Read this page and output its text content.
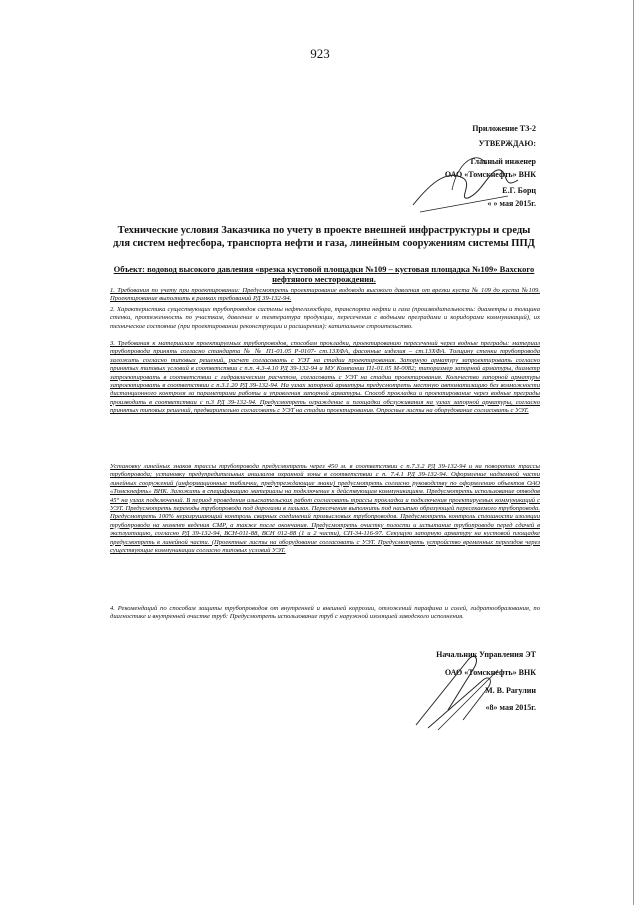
923
Приложение ТЗ-2
УТВЕРЖДАЮ:
Главный инженер
ОАО «Томскнефть» ВНК
Е.Г. Борц
« » мая 2015г.
Технические условия Заказчика по учету в проекте внешней инфраструктуры и среды для систем нефтесбора, транспорта нефти и газа, линейным сооружениям системы ППД
Объект: водовод высокого давления «врезка кустовой площадки №109 – кустовая площадка №109» Вахского нефтяного месторождения.

1. Требования по учету при проектировании: Предусмотреть проектирование водовода высокого давления от врезки куста № 109 до куста №109. Проектирование выполнить в рамках требований РД 39-132-94.

2. Характеристика существующих трубопроводов системы нефтегазосбора, транспорта нефти и газа (производительность: диаметры и толщина стенки, протяженность по участкам, давление и температура продукции, пересечения с водными преградами и коридорами коммуникаций), их техническое состояние (при проектировании реконструкции и расширения): капитальное строительство.

3. Требования к материалам проектируемых трубопроводов, способам прокладки, проектированию пересечений через водные преграды: материал трубопровода принять согласно стандарта № № П1-01.05 Р-0107- ст.13ХФА, фасонные изделия – ст.13ХФА. Толщину стенки трубопровода заложить согласно типовых решений, расчет согласовать с УЭТ на стадии проектирования. Запорную арматуру запроектировать согласно принятых типовых условий в соответствии с п.п. 4.3-4.10 РД 39-132-94 и МУ Компании П1-01.05 М-0082; типоразмер запорной арматуры, диаметр запроектировать в соответствии с гидравлическим расчетом, согласовать с УЭТ на стадии проектирования. Количество запорной арматуры запроектировать в соответствии с п.3.1.20 РД 39-132-94. На узлах запорной арматуры предусмотреть местную автоматизацию без возможности дистанционного контроля за параметрами работы и управления запорной арматуры. Способ прокладки и проектирование через водные преграды производить в соответствии с п.3 РД 39-132-94. Предусмотреть ограждение и площадки обслуживания на узлах запорной арматуры, согласно принятых типовых решений, предварительно согласовать с УЭТ на стадии проектирования. Опросные листы на оборудование согласовать с УЭТ.

Установку линейных знаков трассы трубопровода предусмотреть через 450 м. в соответствии с п.7.3.2 РД 39-132-94 и на поворотах трассы трубопровода; установку предупредительных аншлагов охранной зоны в соответствии с п. 7.4.1 РД 39-132-94. Оформление надземной части линейных сооружений (информационные таблички, предупреждающие знаки) предусмотреть согласно руководству по оформлению объектов ОАО «Томскнефть» ВНК. Заложить в спецификацию материалы на подключение к действующим коммуникациям. Предусмотреть использование отводов 45° на узлах подключений. В период проведения изыскательских работ согласовать трассы прокладки и подключения проектируемых коммуникаций с УЭТ. Предусмотреть переходы трубопровода под дорогами в гильзах. Пересечения выполнить под насыпью образующей пересекаемого трубопровода. Предусмотреть 100% неразрушающий контроль сварных соединений промысловых трубопроводов. Предусмотреть контроль сплошности изоляции трубопровода на момент ведения СМР, а также после окончания. Предусмотреть очистку полости и испытание трубопровода перед сдачей в эксплуатацию, согласно РД 39-132-94, ВСН-011-88, ВСН 012-88 (1 и 2 части), СП-34-116-97. Секущую запорную арматуру на кустовой площадке предусмотреть в линейной части. (Проектные листы на оборудование согласовать с УЭТ. Предусмотреть устройство временных переездов через существующие коммуникации согласно типовых условий УЭТ.

4. Рекомендаций по способам защиты трубопроводов от внутренней и внешней коррозии, отложений парафина и солей, гидратообразования, по диагностике и внутренней очистке труб: Предусмотреть использование труб с наружной изоляцией заводского исполнения.

Начальник Управления ЭТ
ОАО «Томскнефть» ВНК
М. В. Рагулин
«8» мая 2015г.
